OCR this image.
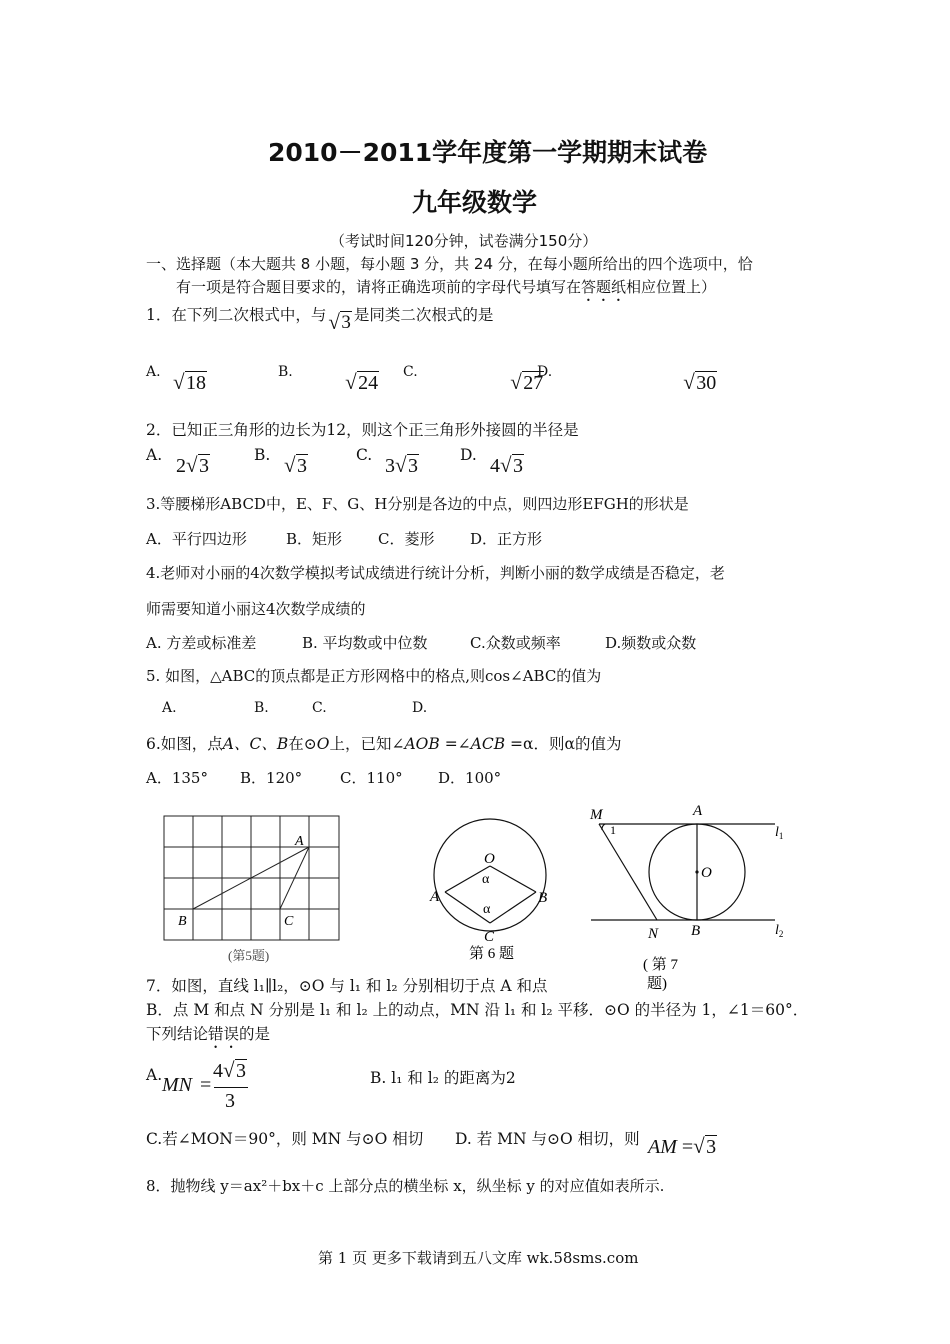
2010－2011学年度第一学期期末试卷
九年级数学
（考试时间120分钟，试卷满分150分）
一、选择题（本大题共 8 小题，每小题 3 分，共 24 分，在每小题所给出的四个选项中，恰
有一项是符合题目要求的，请将正确选项前的字母代号填写在答题纸相应位置上）
1．在下列二次根式中，与 √ 3 是同类二次根式的是
A. √ 18	B. √ 24 C.	√ 27
D.	√ 30
2．已知正三角形的边长为12，则这个正三角形外接圆的半径是
A. 2 √ 3	B. √ 3	C. 3 √ 3	D. 4 √ 3
3.等腰梯形ABCD中，E、F、G、H分别是各边的中点，则四边形EFGH的形状是
A．平行四边形	B．矩形 C．菱形 D．正方形
4.老师对小丽的4次数学模拟考试成绩进行统计分析，判断小丽的数学成绩是否稳定，老
师需要知道小丽这4次数学成绩的
A. 方差或标准差	B. 平均数或中位数	C.众数或频率	D.频数或众数
5. 如图，△ABC的顶点都是正方形网格中的格点,则cos∠ABC的值为
A.	B.	C.	D.
6.如图，点A、C、B在⊙O上，已知∠AOB =∠ACB =α．则α的值为
A．135° B．120°	C．110° D．100°
A
B	C
(第5题)
O
α
A	B
α
C
第 6 题
M
1
A
$l_1$
O
N B	$l_2$
( 第 7
题)
7．如图，直线 l₁∥l₂，⊙O 与 l₁ 和 l₂ 分别相切于点 A 和点
B．点 M 和点 N 分别是 l₁ 和 l₂ 上的动点，MN 沿 l₁ 和 l₂ 平移．⊙O 的半径为 1，∠1＝60°．
下列结论错误的是
A. MN =
4 √ 3
3
B. l₁ 和 l₂ 的距离为2
C.若∠MON＝90°，则 MN 与⊙O 相切 D. 若 MN 与⊙O 相切，则 AM = √ 3
8．抛物线 y＝ax²＋bx＋c 上部分点的横坐标 x，纵坐标 y 的对应值如表所示.
第 1 页 更多下载请到五八文库 wk.58sms.com
